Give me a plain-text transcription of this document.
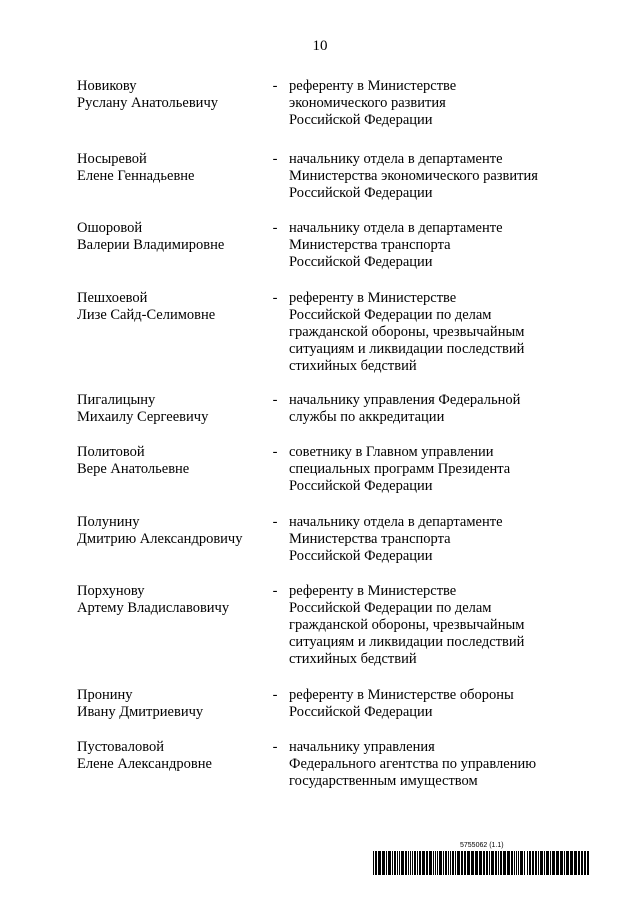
10
Новикову
Руслану Анатольевичу
- референту в Министерстве
экономического развития
Российской Федерации
Носыревой
Елене Геннадьевне
- начальнику отдела в департаменте
Министерства экономического развития
Российской Федерации
Ошоровой
Валерии Владимировне
- начальнику отдела в департаменте
Министерства транспорта
Российской Федерации
Пешхоевой
Лизе Сайд-Селимовне
- референту в Министерстве
Российской Федерации по делам
гражданской обороны, чрезвычайным
ситуациям и ликвидации последствий
стихийных бедствий
Пигалицыну
Михаилу Сергеевичу
- начальнику управления Федеральной
службы по аккредитации
Политовой
Вере Анатольевне
- советнику в Главном управлении
специальных программ Президента
Российской Федерации
Полунину
Дмитрию Александровичу
- начальнику отдела в департаменте
Министерства транспорта
Российской Федерации
Порхунову
Артему Владиславовичу
- референту в Министерстве
Российской Федерации по делам
гражданской обороны, чрезвычайным
ситуациям и ликвидации последствий
стихийных бедствий
Пронину
Ивану Дмитриевичу
- референту в Министерстве обороны
Российской Федерации
Пустоваловой
Елене Александровне
- начальнику управления
Федерального агентства по управлению
государственным имуществом
5755062 (1.1)
